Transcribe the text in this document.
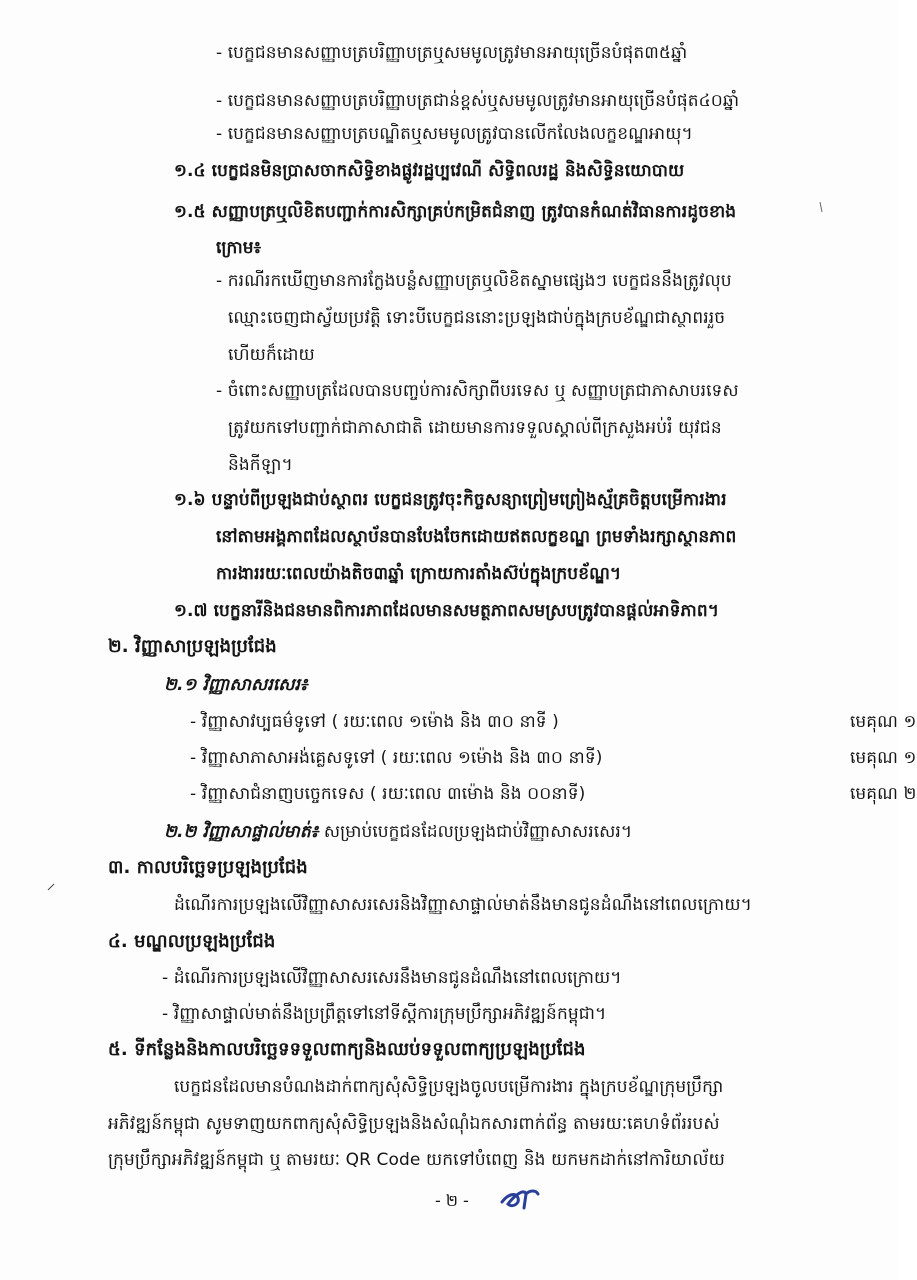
- បេក្ខជនមានសញ្ញាបត្របរិញ្ញាបត្រឬសមមូលត្រូវមានអាយុច្រើនបំផុត៣៥ឆ្នាំ
- បេក្ខជនមានសញ្ញាបត្របរិញ្ញាបត្រជាន់ខ្ពស់ឬសមមូលត្រូវមានអាយុច្រើនបំផុត៤០ឆ្នាំ
- បេក្ខជនមានសញ្ញាបត្របណ្ឌិតឬសមមូលត្រូវបានលើកលែងលក្ខខណ្ឌអាយុ។
១.៤ បេក្ខជនមិនប្រាសចាកសិទ្ធិខាងផ្លូវរដ្ឋប្បវេណី សិទ្ធិពលរដ្ឋ និងសិទ្ធិនយោបាយ
១.៥ សញ្ញាបត្រឬលិខិតបញ្ជាក់ការសិក្សាគ្រប់កម្រិតជំនាញ ត្រូវបានកំណត់វិធានការដូចខាង
ក្រោម៖
- ករណីរកឃើញមានការក្លែងបន្លំសញ្ញាបត្រឬលិខិតស្នាមផ្សេងៗ បេក្ខជននឹងត្រូវលុប
ឈ្មោះចេញជាស្វ័យប្រវត្តិ ទោះបីបេក្ខជននោះប្រឡងជាប់ក្នុងក្របខ័ណ្ឌជាស្ថាពររួច
ហើយក៏ដោយ
- ចំពោះសញ្ញាបត្រដែលបានបញ្ចប់ការសិក្សាពីបរទេស ឬ សញ្ញាបត្រជាភាសាបរទេស
ត្រូវយកទៅបញ្ជាក់ជាភាសាជាតិ ដោយមានការទទួលស្គាល់ពីក្រសួងអប់រំ យុវជន
និងកីឡា។
១.៦ បន្ទាប់ពីប្រឡងជាប់ស្ថាពរ បេក្ខជនត្រូវចុះកិច្ចសន្យាព្រៀមព្រៀងស្ម័គ្រចិត្តបម្រើការងារ
នៅតាមអង្គភាពដែលស្ថាប័នបានបែងចែកដោយឥតលក្ខខណ្ឌ ព្រមទាំងរក្សាស្ថានភាព
ការងាររយៈពេលយ៉ាងតិច៣ឆ្នាំ ក្រោយការតាំងស៊ប់ក្នុងក្របខ័ណ្ឌ។
១.៧ បេក្ខនារីនិងជនមានពិការភាពដែលមានសមត្ថភាពសមស្របត្រូវបានផ្តល់អាទិភាព។
២. វិញ្ញាសាប្រឡងប្រជែង
២.១ វិញ្ញាសាសរសេរ៖
- វិញ្ញាសាវប្បធម៌ទូទៅ ( រយៈពេល ១ម៉ោង និង ៣០ នាទី )	មេគុណ ១
- វិញ្ញាសាភាសាអង់គ្លេសទូទៅ ( រយៈពេល ១ម៉ោង និង ៣០ នាទី)	មេគុណ ១
- វិញ្ញាសាជំនាញបច្ចេកទេស ( រយៈពេល ៣ម៉ោង និង ០០នាទី)	មេគុណ ២
២.២ វិញ្ញាសាផ្ទាល់មាត់៖ សម្រាប់បេក្ខជនដែលប្រឡងជាប់វិញ្ញាសាសរសេរ។
៣. កាលបរិច្ឆេទប្រឡងប្រជែង
ដំណើរការប្រឡងលើវិញ្ញាសាសរសេរនិងវិញ្ញាសាផ្ទាល់មាត់នឹងមានជូនដំណឹងនៅពេលក្រោយ។
៤. មណ្ឌលប្រឡងប្រជែង
- ដំណើរការប្រឡងលើវិញ្ញាសាសរសេរនឹងមានជូនដំណឹងនៅពេលក្រោយ។
- វិញ្ញាសាផ្ទាល់មាត់នឹងប្រព្រឹត្តទៅនៅទីស្តីការក្រុមប្រឹក្សាអភិវឌ្ឍន៍កម្ពុជា។
៥. ទីកន្លែងនិងកាលបរិច្ឆេទទទួលពាក្យនិងឈប់ទទួលពាក្យប្រឡងប្រជែង
បេក្ខជនដែលមានបំណងដាក់ពាក្យសុំសិទ្ធិប្រឡងចូលបម្រើការងារ ក្នុងក្របខ័ណ្ឌក្រុមប្រឹក្សា
អភិវឌ្ឍន៍កម្ពុជា សូមទាញយកពាក្យសុំសិទ្ធិប្រឡងនិងសំណុំឯកសារពាក់ព័ន្ធ តាមរយៈគេហទំព័ររបស់
ក្រុមប្រឹក្សាអភិវឌ្ឍន៍កម្ពុជា ឬ តាមរយៈ QR Code យកទៅបំពេញ និង យកមកដាក់នៅការិយាល័យ
- ២ -
